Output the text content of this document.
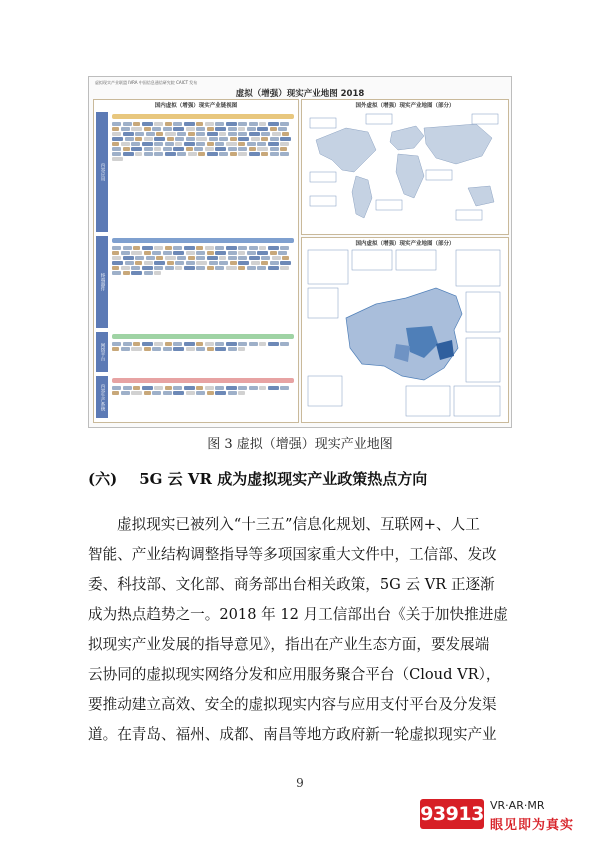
虚拟现实产业联盟 IVRA 中国信息通信研究院 CAICT 发布
虚拟（增强）现实产业地图 2018
国内虚拟（增强）现实产业链视图
内容应用
终端器件
网络平台
内容生产系统
国外虚拟（增强）现实产业地图（部分）
国内虚拟（增强）现实产业地图（部分）
图 3 虚拟（增强）现实产业地图
(六) 5G 云 VR 成为虚拟现实产业政策热点方向

虚拟现实已被列入“十三五”信息化规划、互联网+、人工

智能、产业结构调整指导等多项国家重大文件中，工信部、发改

委、科技部、文化部、商务部出台相关政策，5G 云 VR 正逐渐

成为热点趋势之一。2018 年 12 月工信部出台《关于加快推进虚

拟现实产业发展的指导意见》，指出在产业生态方面，要发展端

云协同的虚拟现实网络分发和应用服务聚合平台（Cloud VR），

要推动建立高效、安全的虚拟现实内容与应用支付平台及分发渠

道。在青岛、福州、成都、南昌等地方政府新一轮虚拟现实产业

9
93913 VR·AR·MR
眼见即为真实
